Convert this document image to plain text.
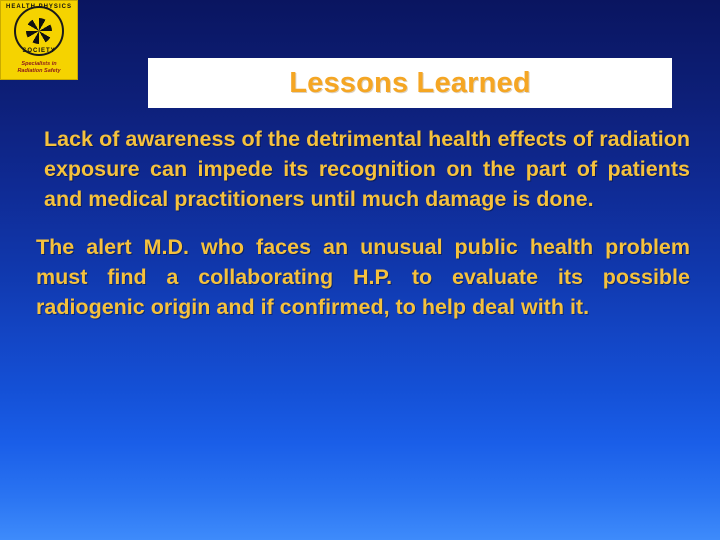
HEALTH PHYSICS
SOCIETY
Specialists in
Radiation Safety	Lessons Learned

Lack of awareness of the detrimental health effects of radiation exposure can impede its recognition on the part of patients and medical practitioners until much damage is done.

The alert M.D. who faces an unusual public health problem must find a collaborating H.P. to evaluate its possible radiogenic origin and if confirmed, to help deal with it.
